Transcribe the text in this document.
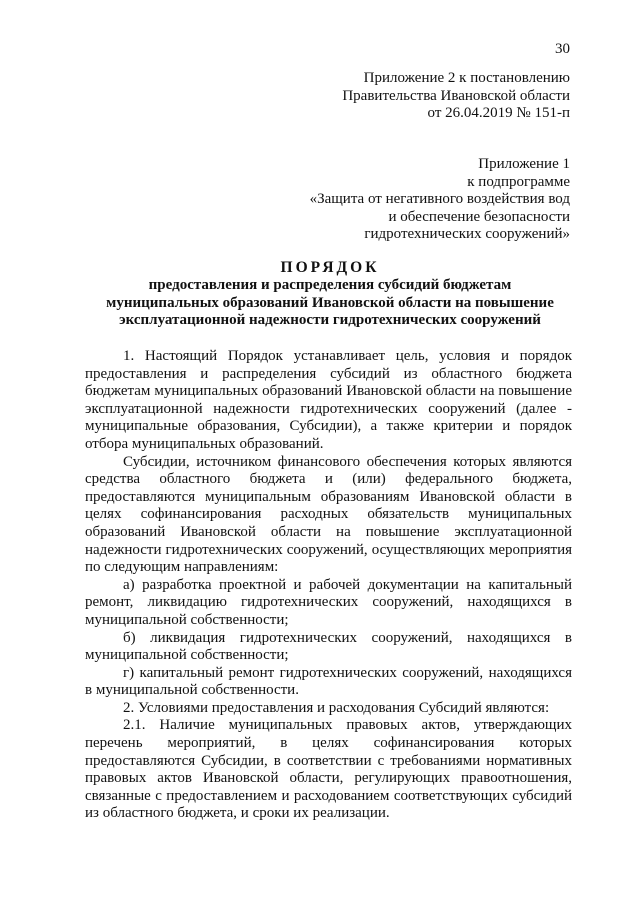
30
Приложение 2 к постановлению
Правительства Ивановской области
от 26.04.2019 № 151-п
Приложение 1
к подпрограмме
«Защита от негативного воздействия вод
и обеспечение безопасности
гидротехнических сооружений»
ПОРЯДОК
предоставления и распределения субсидий бюджетам
муниципальных образований Ивановской области на повышение
эксплуатационной надежности гидротехнических сооружений

1. Настоящий Порядок устанавливает цель, условия и порядок предоставления и распределения субсидий из областного бюджета бюджетам муниципальных образований Ивановской области на повышение эксплуатационной надежности гидротехнических сооружений (далее - муниципальные образования, Субсидии), а также критерии и порядок отбора муниципальных образований.

Субсидии, источником финансового обеспечения которых являются средства областного бюджета и (или) федерального бюджета, предоставляются муниципальным образованиям Ивановской области в целях софинансирования расходных обязательств муниципальных образований Ивановской области на повышение эксплуатационной надежности гидротехнических сооружений, осуществляющих мероприятия по следующим направлениям:

а) разработка проектной и рабочей документации на капитальный ремонт, ликвидацию гидротехнических сооружений, находящихся в муниципальной собственности;

б) ликвидация гидротехнических сооружений, находящихся в муниципальной собственности;

г) капитальный ремонт гидротехнических сооружений, находящихся в муниципальной собственности.

2. Условиями предоставления и расходования Субсидий являются:

2.1. Наличие муниципальных правовых актов, утверждающих перечень мероприятий, в целях софинансирования которых предоставляются Субсидии, в соответствии с требованиями нормативных правовых актов Ивановской области, регулирующих правоотношения, связанные с предоставлением и расходованием соответствующих субсидий из областного бюджета, и сроки их реализации.
